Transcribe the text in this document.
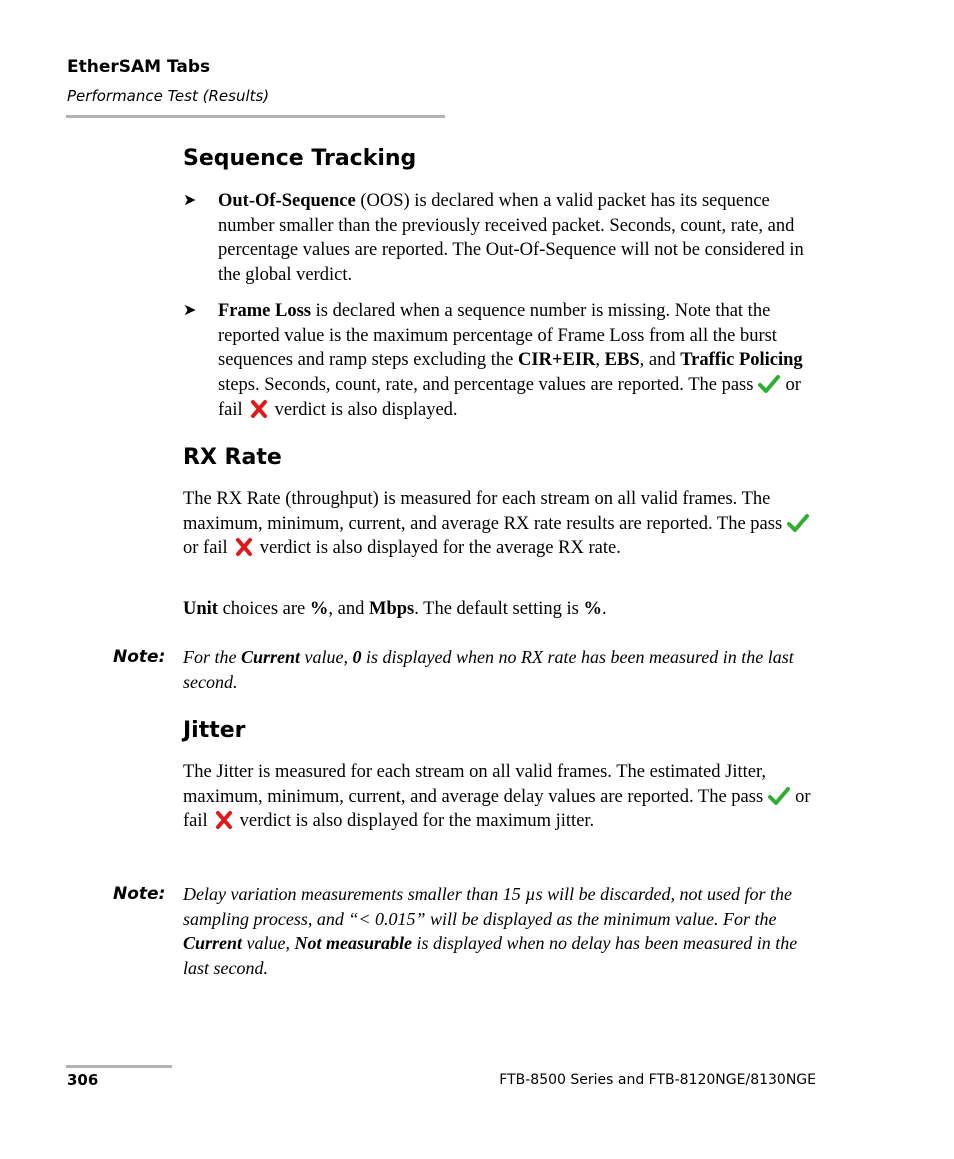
EtherSAM Tabs
Performance Test (Results)
Sequence Tracking
➤ Out-Of-Sequence (OOS) is declared when a valid packet has its sequence number smaller than the previously received packet. Seconds, count, rate, and percentage values are reported. The Out-Of-Sequence will not be considered in the global verdict.
➤ Frame Loss is declared when a sequence number is missing. Note that the reported value is the maximum percentage of Frame Loss from all the burst sequences and ramp steps excluding the CIR+EIR, EBS, and Traffic Policing steps. Seconds, count, rate, and percentage values are reported. The pass or fail verdict is also displayed.
RX Rate

The RX Rate (throughput) is measured for each stream on all valid frames. The maximum, minimum, current, and average RX rate results are reported. The passor fail verdict is also displayed for the average RX rate.

Unit choices are %, and Mbps. The default setting is %.

Note: For the Current value, 0 is displayed when no RX rate has been measured in the last second.
Jitter

The Jitter is measured for each stream on all valid frames. The estimated Jitter, maximum, minimum, current, and average delay values are reported. The pass or fail verdict is also displayed for the maximum jitter.

Note: Delay variation measurements smaller than 15 µs will be discarded, not used for the sampling process, and “< 0.015” will be displayed as the minimum value. For the Current value, Not measurable is displayed when no delay has been measured in the last second.
306	FTB-8500 Series and FTB-8120NGE/8130NGE
